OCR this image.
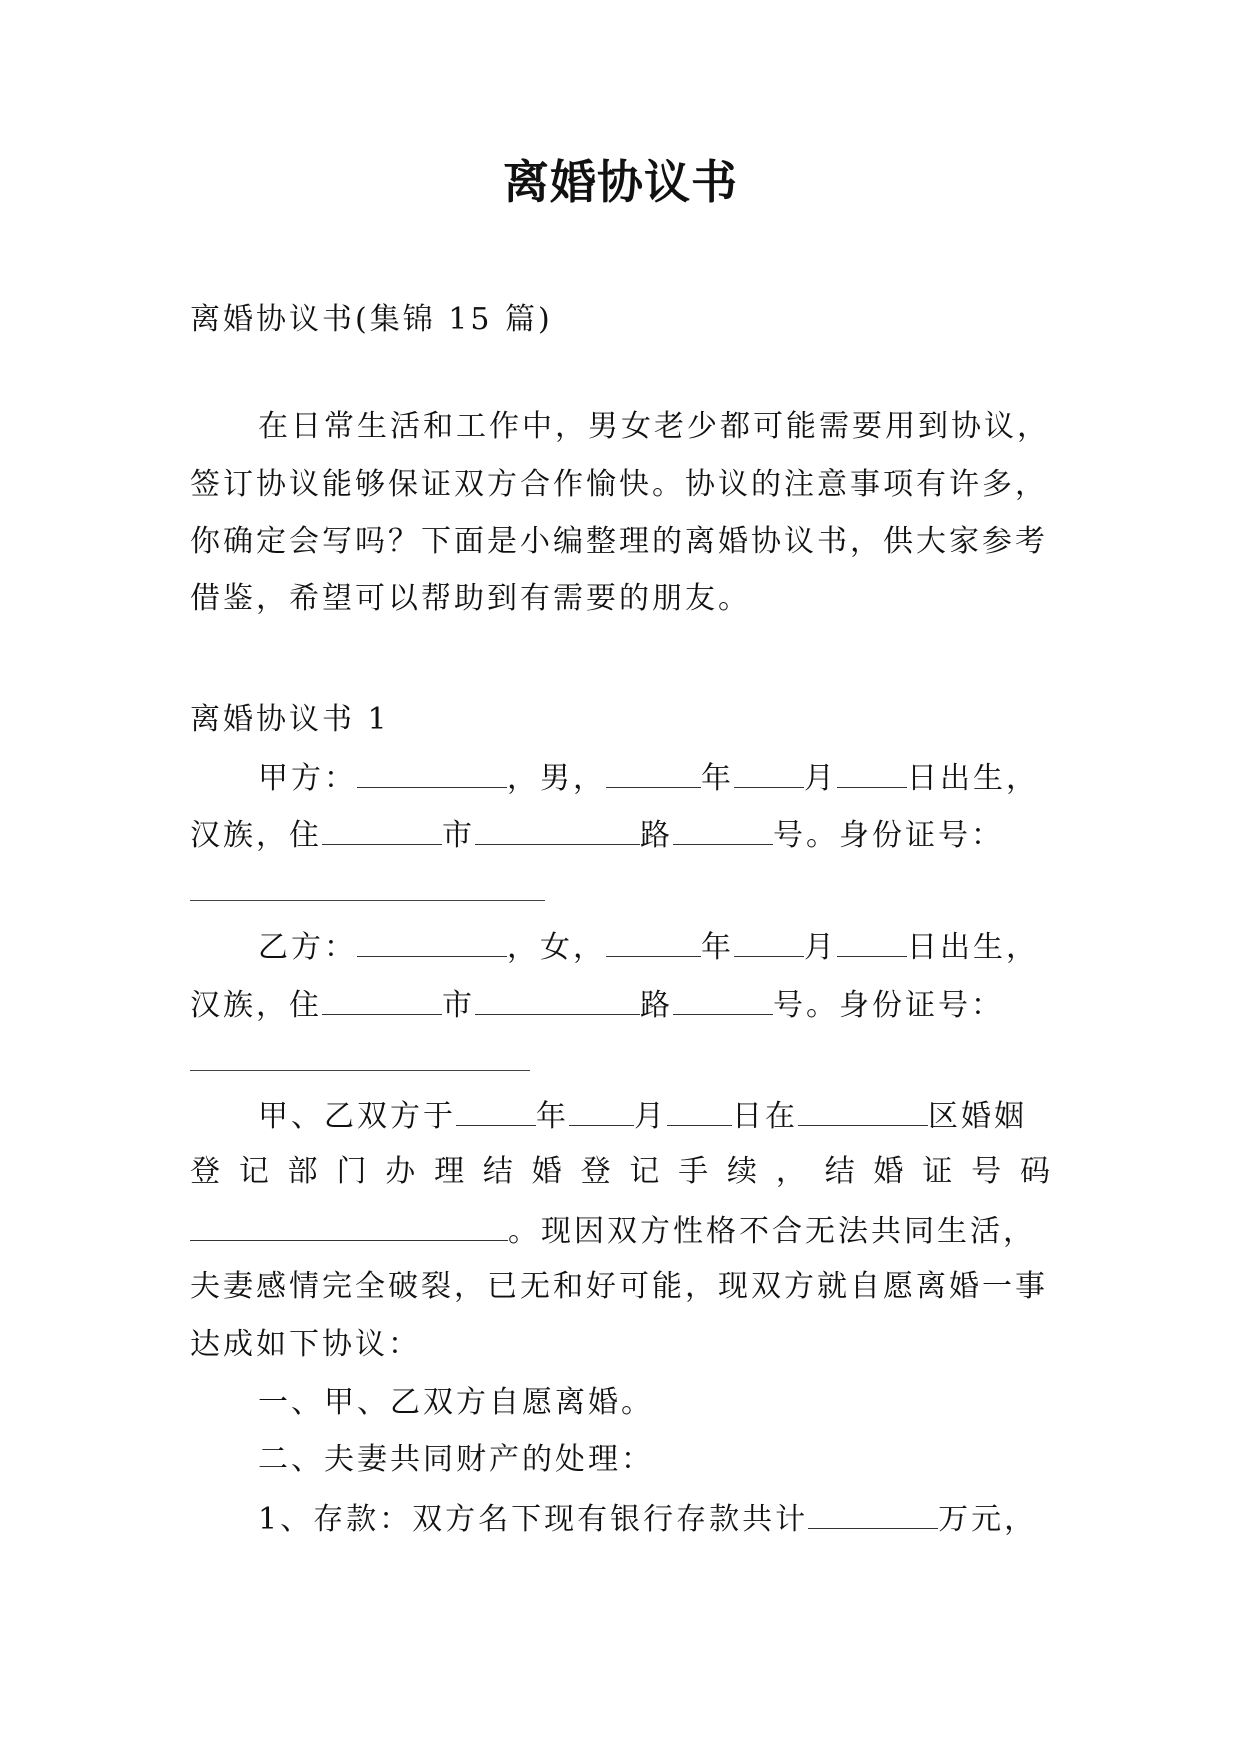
离婚协议书
离婚协议书(集锦 15 篇)
在日常生活和工作中，男女老少都可能需要用到协议，
签订协议能够保证双方合作愉快。协议的注意事项有许多，
你确定会写吗？下面是小编整理的离婚协议书，供大家参考
借鉴，希望可以帮助到有需要的朋友。
离婚协议书 1
甲方：	，男，	年 月 日出生，
汉族，住	市	路	号。身份证号：
乙方：	，女，	年 月 日出生，
汉族，住	市	路	号。身份证号：
甲、乙双方于	年 月 日在	区婚姻
登 记 部 门 办 理 结 婚 登 记 手 续 ， 结 婚 证 号 码
。现因双方性格不合无法共同生活，
夫妻感情完全破裂，已无和好可能，现双方就自愿离婚一事
达成如下协议：
一、甲、乙双方自愿离婚。
二、夫妻共同财产的处理：
1、存款：双方名下现有银行存款共计	万元，
